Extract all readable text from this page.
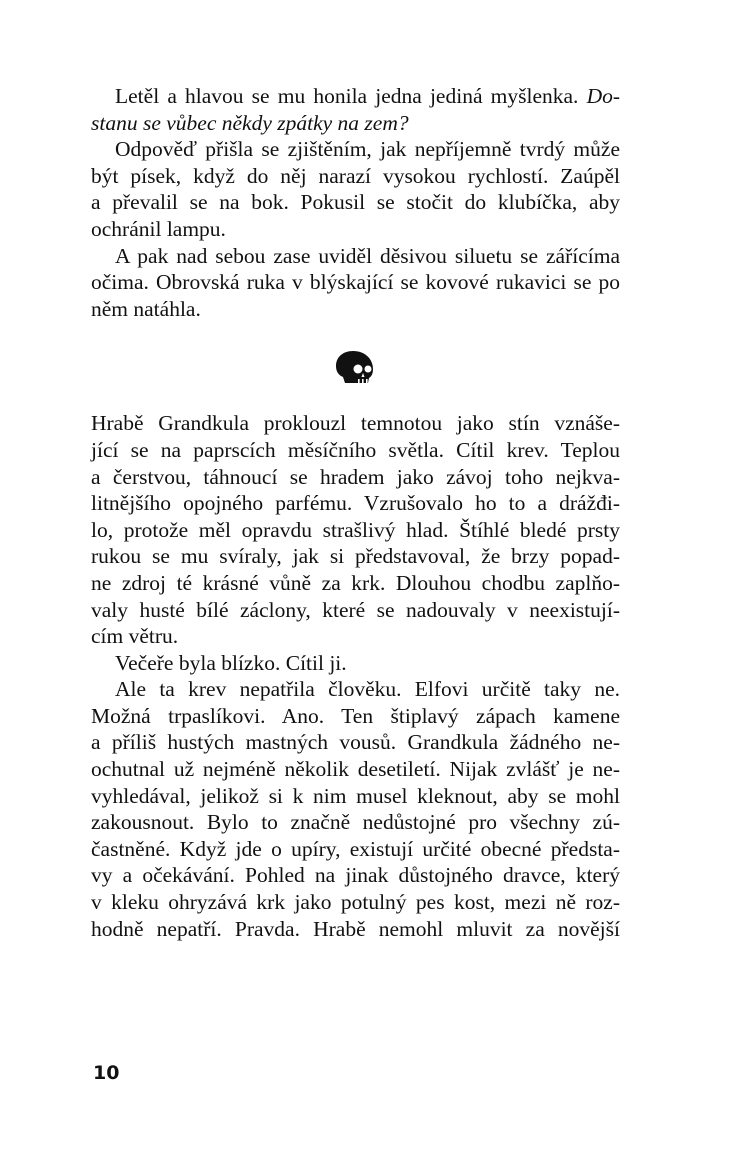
Letěl a hlavou se mu honila jedna jediná myšlenka. Do-
stanu se vůbec někdy zpátky na zem?
Odpověď přišla se zjištěním, jak nepříjemně tvrdý může
být písek, když do něj narazí vysokou rychlostí. Zaúpěl
a převalil se na bok. Pokusil se stočit do klubíčka, aby
ochránil lampu.
A pak nad sebou zase uviděl děsivou siluetu se zářícíma
očima. Obrovská ruka v blýskající se kovové rukavici se po
něm natáhla.
Hrabě Grandkula proklouzl temnotou jako stín vznáše-
jící se na paprscích měsíčního světla. Cítil krev. Teplou
a čerstvou, táhnoucí se hradem jako závoj toho nejkva-
litnějšího opojného parfému. Vzrušovalo ho to a drážđi-
lo, protože měl opravdu strašlivý hlad. Štíhlé bledé prsty
rukou se mu svíraly, jak si představoval, že brzy popad-
ne zdroj té krásné vůně za krk. Dlouhou chodbu zaplňo-
valy husté bílé záclony, které se nadouvaly v neexistují-
cím větru.
Večeře byla blízko. Cítil ji.
Ale ta krev nepatřila člověku. Elfovi určitě taky ne.
Možná trpaslíkovi. Ano. Ten štiplavý zápach kamene
a příliš hustých mastných vousů. Grandkula žádného ne-
ochutnal už nejméně několik desetiletí. Nijak zvlášť je ne-
vyhledával, jelikož si k nim musel kleknout, aby se mohl
zakousnout. Bylo to značně nedůstojné pro všechny zú-
častněné. Když jde o upíry, existují určité obecné předsta-
vy a očekávání. Pohled na jinak důstojného dravce, který
v kleku ohryzává krk jako potulný pes kost, mezi ně roz-
hodně nepatří. Pravda. Hrabě nemohl mluvit za novější
10
